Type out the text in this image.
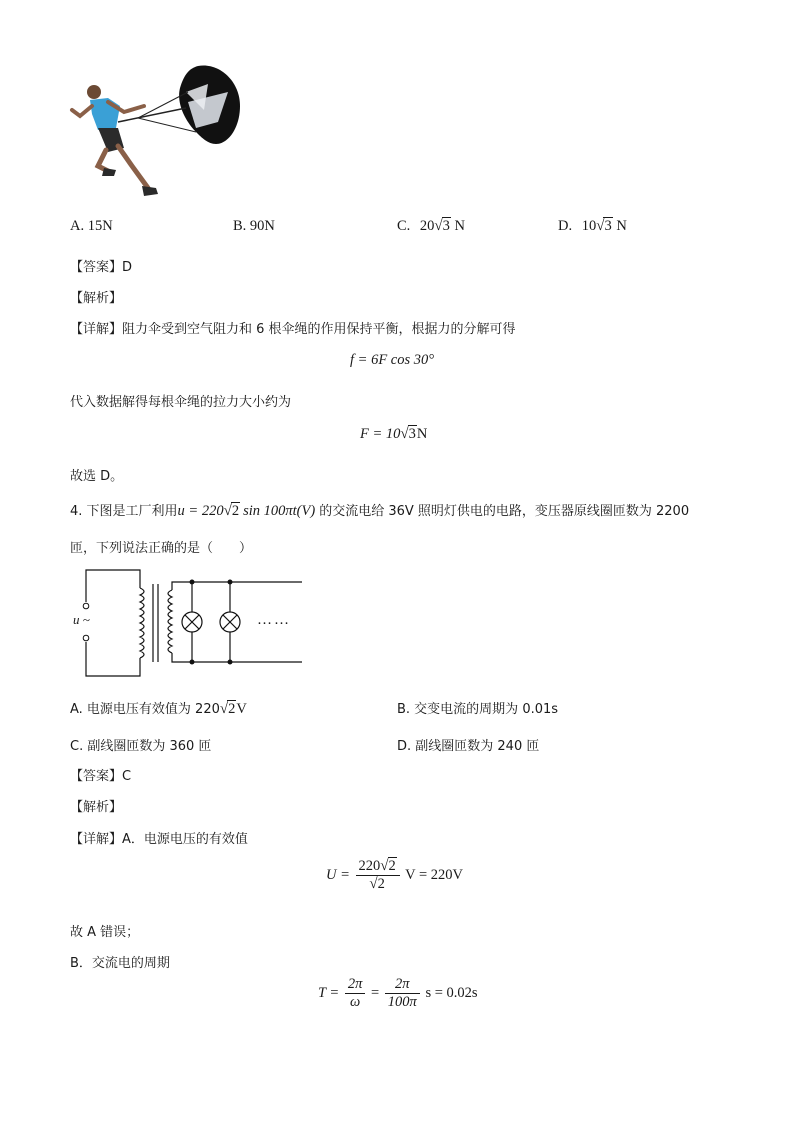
A. 15N	B. 90N	C. 20√3 N	D. 10√3 N
【答案】D
【解析】
【详解】阻力伞受到空气阻力和 6 根伞绳的作用保持平衡，根据力的分解可得
f = 6F cos 30°
代入数据解得每根伞绳的拉力大小约为
F = 10√3N
故选 D。
4. 下图是工厂利用u = 220√2 sin 100πt(V) 的交流电给 36V 照明灯供电的电路，变压器原线圈匝数为 2200
匝，下列说法正确的是（　　）
u ~	……
A. 电源电压有效值为 220√2V	B. 交变电流的周期为 0.01s
C. 副线圈匝数为 360 匝	D. 副线圈匝数为 240 匝
【答案】C
【解析】
【详解】A．电源电压的有效值
$U = \frac{220√2}{√2}$ V = 220V
故 A 错误；
B．交流电的周期
$T = \frac{2\pi}{\omega} = \frac{2\pi}{100\pi}$ s = 0.02s
